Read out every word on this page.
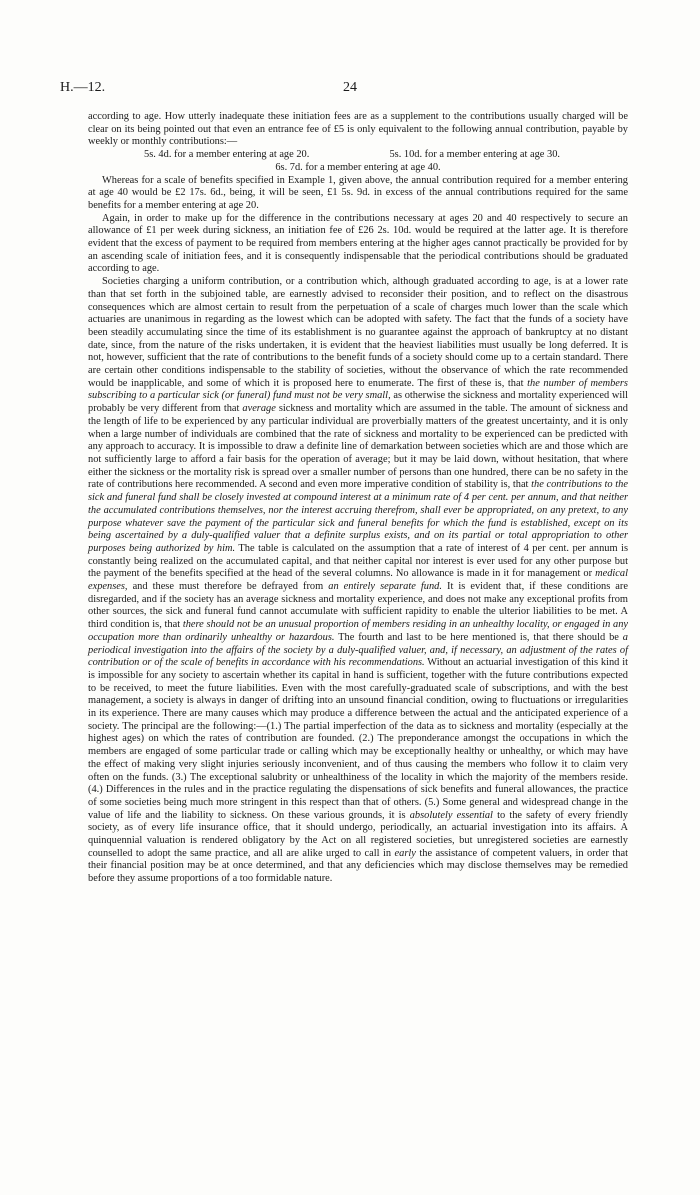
H.—12.	24

according to age. How utterly inadequate these initiation fees are as a supplement to the contributions usually charged will be clear on its being pointed out that even an entrance fee of £5 is only equivalent to the following annual contribution, payable by weekly or monthly contributions:—

5s. 4d. for a member entering at age 20.	5s. 10d. for a member entering at age 30.
6s. 7d. for a member entering at age 40.

Whereas for a scale of benefits specified in Example 1, given above, the annual contribution required for a member entering at age 40 would be £2 17s. 6d., being, it will be seen, £1 5s. 9d. in excess of the annual contributions required for the same benefits for a member entering at age 20.

Again, in order to make up for the difference in the contributions necessary at ages 20 and 40 respectively to secure an allowance of £1 per week during sickness, an initiation fee of £26 2s. 10d. would be required at the latter age. It is therefore evident that the excess of payment to be required from members entering at the higher ages cannot practically be provided for by an ascending scale of initiation fees, and it is consequently indispensable that the periodical contributions should be graduated according to age.

Societies charging a uniform contribution, or a contribution which, although graduated according to age, is at a lower rate than that set forth in the subjoined table, are earnestly advised to reconsider their position, and to reflect on the disastrous consequences which are almost certain to result from the perpetuation of a scale of charges much lower than the scale which actuaries are unanimous in regarding as the lowest which can be adopted with safety. The fact that the funds of a society have been steadily accumulating since the time of its establishment is no guarantee against the approach of bankruptcy at no distant date, since, from the nature of the risks undertaken, it is evident that the heaviest liabilities must usually be long deferred. It is not, however, sufficient that the rate of contributions to the benefit funds of a society should come up to a certain standard. There are certain other conditions indispensable to the stability of societies, without the observance of which the rate recommended would be inapplicable, and some of which it is proposed here to enumerate. The first of these is, that the number of members subscribing to a particular sick (or funeral) fund must not be very small, as otherwise the sickness and mortality experienced will probably be very different from that average sickness and mortality which are assumed in the table. The amount of sickness and the length of life to be experienced by any particular individual are proverbially matters of the greatest uncertainty, and it is only when a large number of individuals are combined that the rate of sickness and mortality to be experienced can be predicted with any approach to accuracy. It is impossible to draw a definite line of demarkation between societies which are and those which are not sufficiently large to afford a fair basis for the operation of average; but it may be laid down, without hesitation, that where either the sickness or the mortality risk is spread over a smaller number of persons than one hundred, there can be no safety in the rate of contributions here recommended. A second and even more imperative condition of stability is, that the contributions to the sick and funeral fund shall be closely invested at compound interest at a minimum rate of 4 per cent. per annum, and that neither the accumulated contributions themselves, nor the interest accruing therefrom, shall ever be appropriated, on any pretext, to any purpose whatever save the payment of the particular sick and funeral benefits for which the fund is established, except on its being ascertained by a duly-qualified valuer that a definite surplus exists, and on its partial or total appropriation to other purposes being authorized by him. The table is calculated on the assumption that a rate of interest of 4 per cent. per annum is constantly being realized on the accumulated capital, and that neither capital nor interest is ever used for any other purpose but the payment of the benefits specified at the head of the several columns. No allowance is made in it for management or medical expenses, and these must therefore be defrayed from an entirely separate fund. It is evident that, if these conditions are disregarded, and if the society has an average sickness and mortality experience, and does not make any exceptional profits from other sources, the sick and funeral fund cannot accumulate with sufficient rapidity to enable the ulterior liabilities to be met. A third condition is, that there should not be an unusual proportion of members residing in an unhealthy locality, or engaged in any occupation more than ordinarily unhealthy or hazardous. The fourth and last to be here mentioned is, that there should be a periodical investigation into the affairs of the society by a duly-qualified valuer, and, if necessary, an adjustment of the rates of contribution or of the scale of benefits in accordance with his recommendations. Without an actuarial investigation of this kind it is impossible for any society to ascertain whether its capital in hand is sufficient, together with the future contributions expected to be received, to meet the future liabilities. Even with the most carefully-graduated scale of subscriptions, and with the best management, a society is always in danger of drifting into an unsound financial condition, owing to fluctuations or irregularities in its experience. There are many causes which may produce a difference between the actual and the anticipated experience of a society. The principal are the following:—(1.) The partial imperfection of the data as to sickness and mortality (especially at the highest ages) on which the rates of contribution are founded. (2.) The preponderance amongst the occupations in which the members are engaged of some particular trade or calling which may be exceptionally healthy or unhealthy, or which may have the effect of making very slight injuries seriously inconvenient, and of thus causing the members who follow it to claim very often on the funds. (3.) The exceptional salubrity or unhealthiness of the locality in which the majority of the members reside. (4.) Differences in the rules and in the practice regulating the dispensations of sick benefits and funeral allowances, the practice of some societies being much more stringent in this respect than that of others. (5.) Some general and widespread change in the value of life and the liability to sickness. On these various grounds, it is absolutely essential to the safety of every friendly society, as of every life insurance office, that it should undergo, periodically, an actuarial investigation into its affairs. A quinquennial valuation is rendered obligatory by the Act on all registered societies, but unregistered societies are earnestly counselled to adopt the same practice, and all are alike urged to call in early the assistance of competent valuers, in order that their financial position may be at once determined, and that any deficiencies which may disclose themselves may be remedied before they assume proportions of a too formidable nature.
